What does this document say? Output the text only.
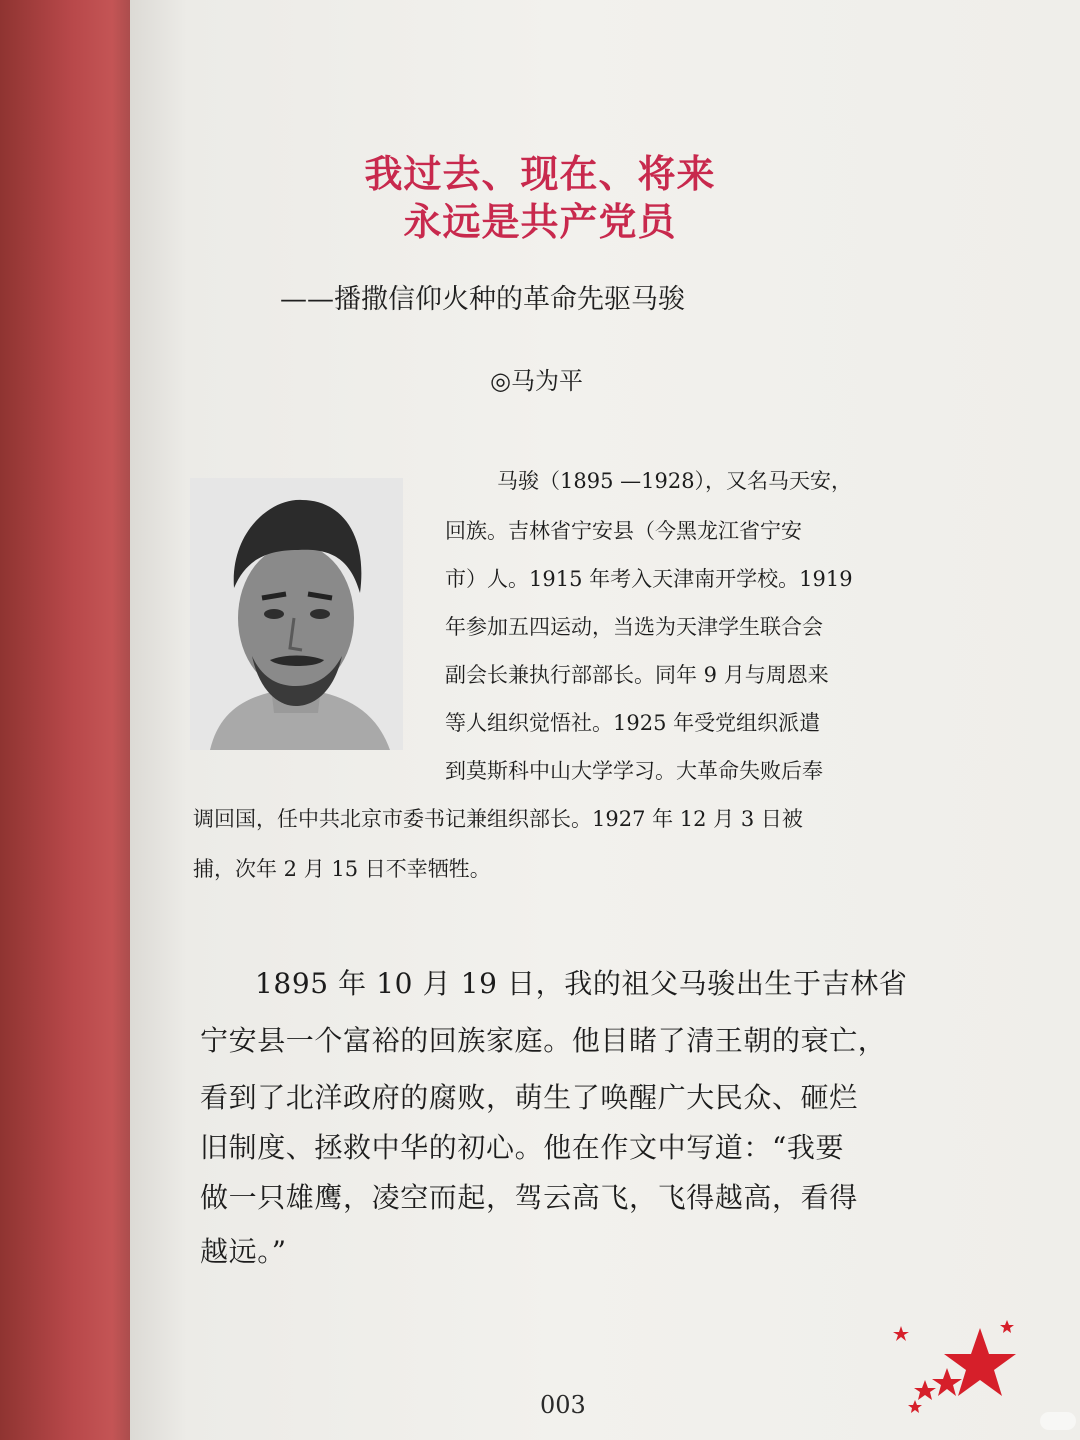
我过去、现在、将来
永远是共产党员
——播撒信仰火种的革命先驱马骏
◎马为平
马骏（1895 —1928），又名马天安，
回族。吉林省宁安县（今黑龙江省宁安
市）人。1915 年考入天津南开学校。1919
年参加五四运动，当选为天津学生联合会
副会长兼执行部部长。同年 9 月与周恩来
等人组织觉悟社。1925 年受党组织派遣
到莫斯科中山大学学习。大革命失败后奉
调回国，任中共北京市委书记兼组织部长。1927 年 12 月 3 日被
捕，次年 2 月 15 日不幸牺牲。
1895 年 10 月 19 日，我的祖父马骏出生于吉林省
宁安县一个富裕的回族家庭。他目睹了清王朝的衰亡，
看到了北洋政府的腐败，萌生了唤醒广大民众、砸烂
旧制度、拯救中华的初心。他在作文中写道：“我要
做一只雄鹰，凌空而起，驾云高飞，飞得越高，看得
越远。”
003
